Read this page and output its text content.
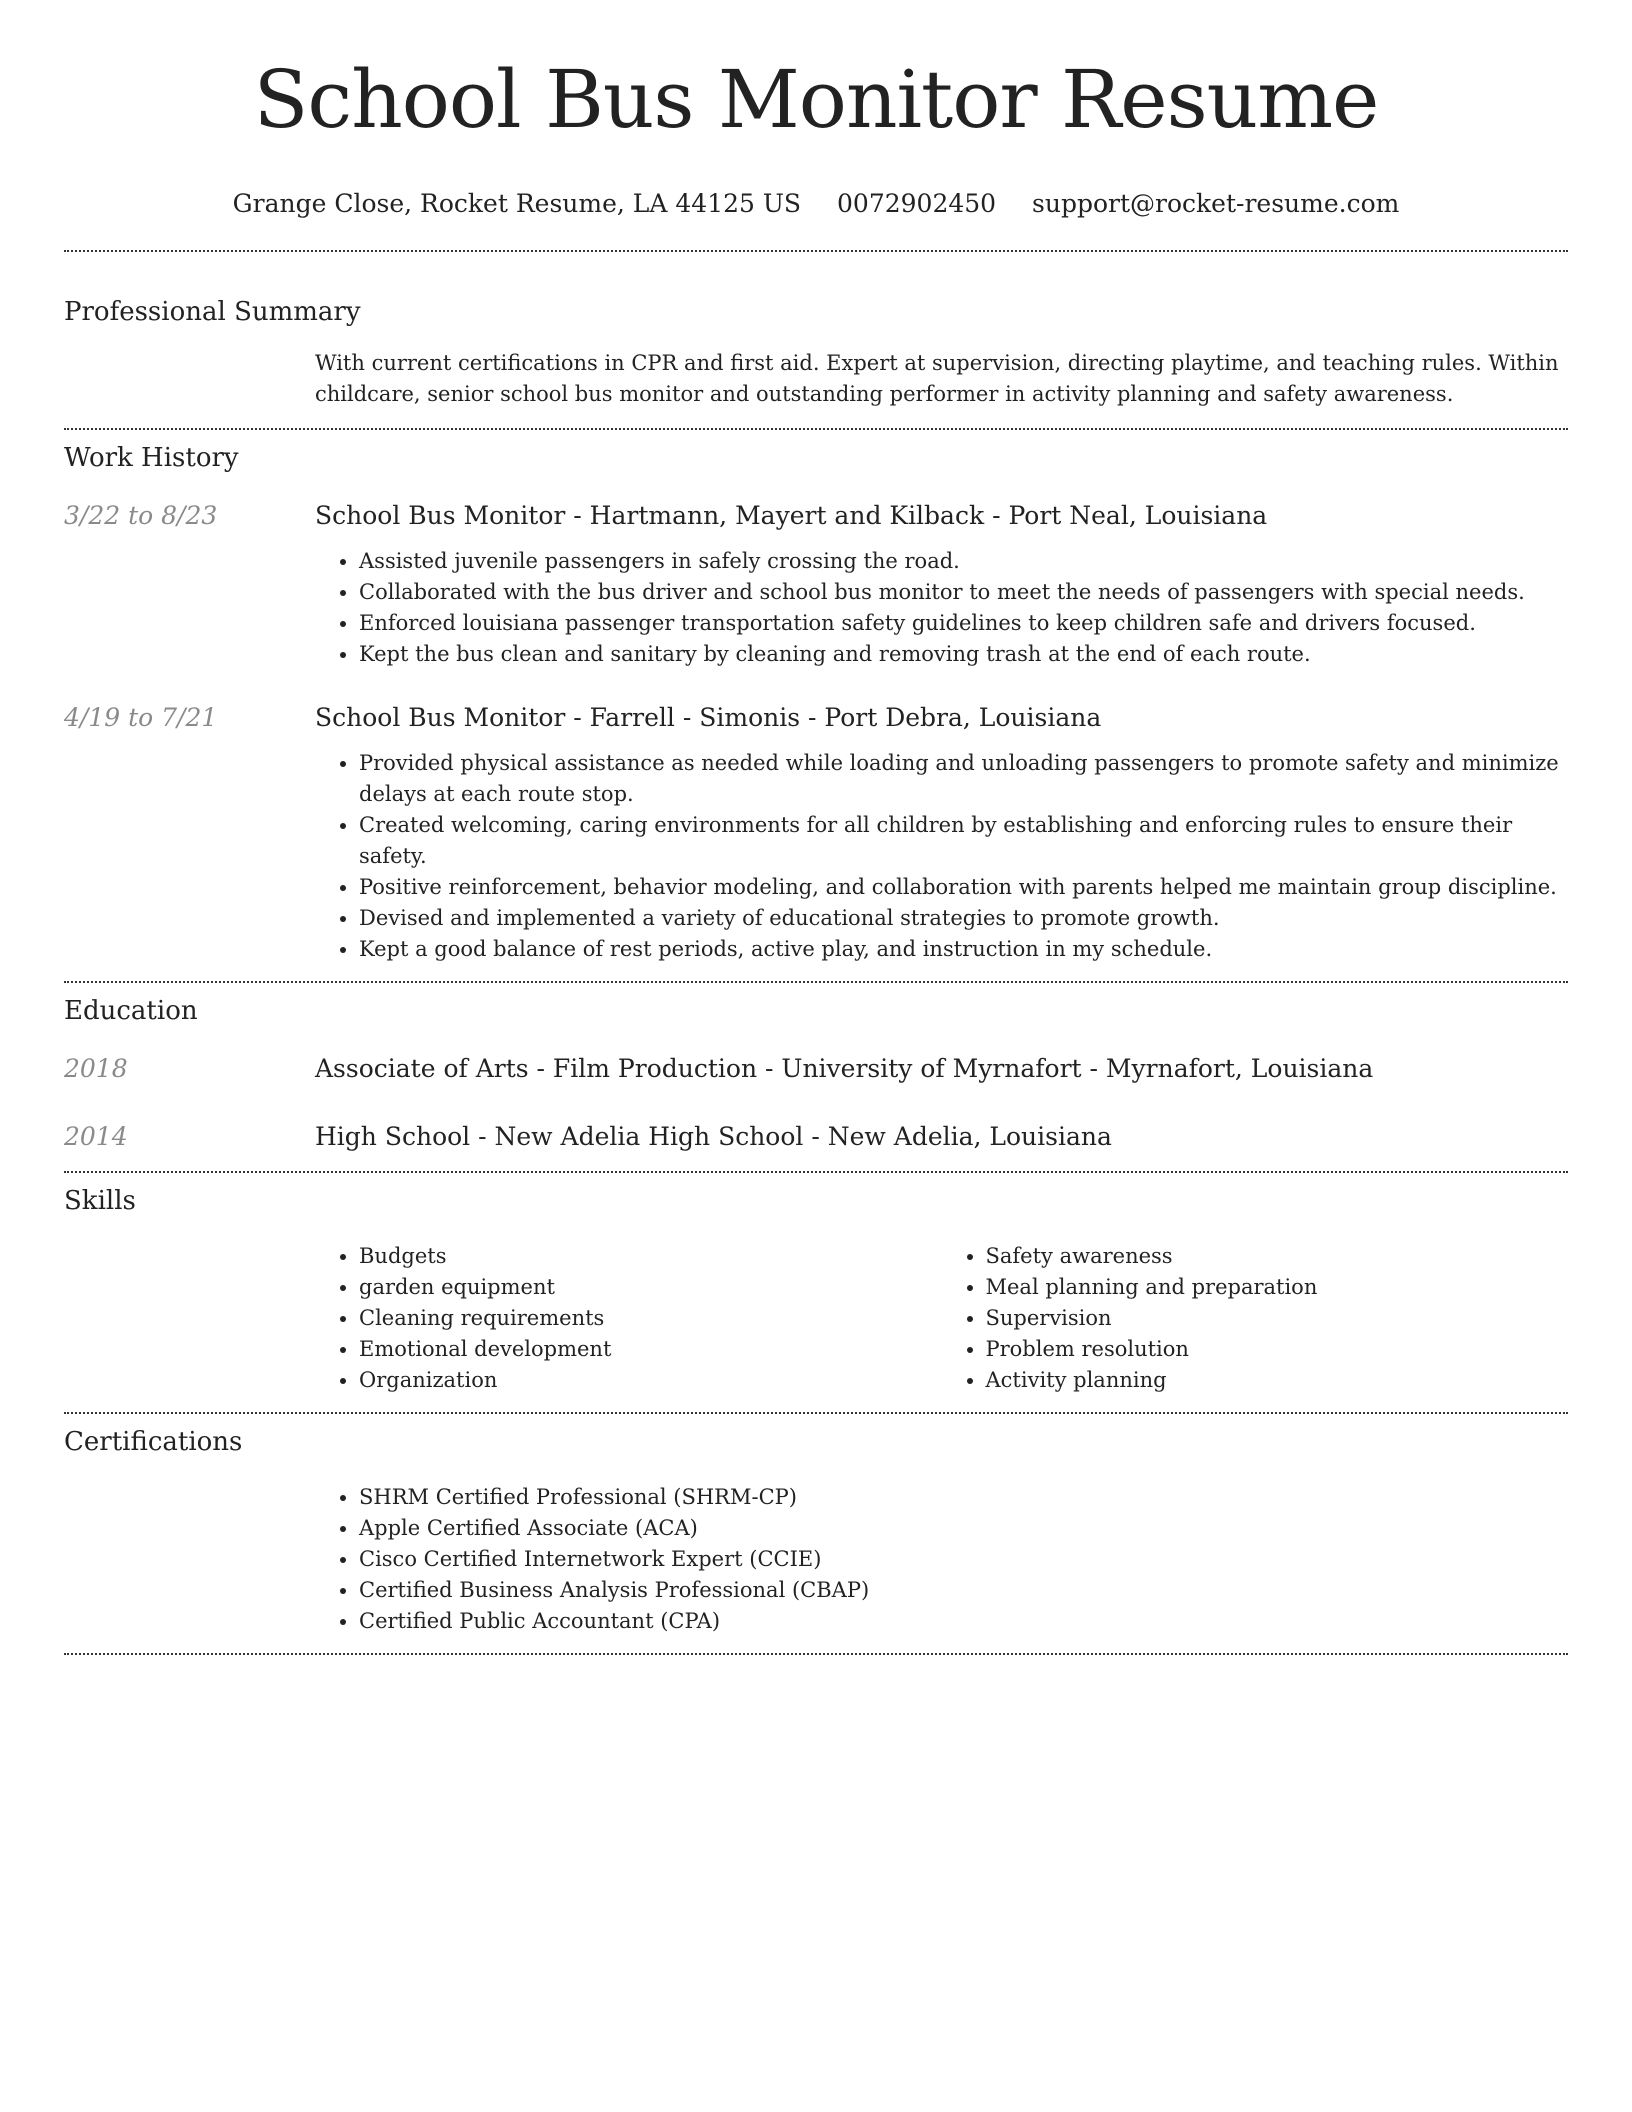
School Bus Monitor Resume
Grange Close, Rocket Resume, LA 44125 US 0072902450 support@rocket-resume.com
Professional Summary
With current certifications in CPR and first aid. Expert at supervision, directing playtime, and teaching rules. Within childcare, senior school bus monitor and outstanding performer in activity planning and safety awareness.
Work History
3/22 to 8/23	School Bus Monitor - Hartmann, Mayert and Kilback - Port Neal, Louisiana
• Assisted juvenile passengers in safely crossing the road.
• Collaborated with the bus driver and school bus monitor to meet the needs of passengers with special needs.
• Enforced louisiana passenger transportation safety guidelines to keep children safe and drivers focused.
• Kept the bus clean and sanitary by cleaning and removing trash at the end of each route.
4/19 to 7/21	School Bus Monitor - Farrell - Simonis - Port Debra, Louisiana
• Provided physical assistance as needed while loading and unloading passengers to promote safety and minimize delays at each route stop.
• Created welcoming, caring environments for all children by establishing and enforcing rules to ensure their safety.
• Positive reinforcement, behavior modeling, and collaboration with parents helped me maintain group discipline.
• Devised and implemented a variety of educational strategies to promote growth.
• Kept a good balance of rest periods, active play, and instruction in my schedule.
Education
2018	Associate of Arts - Film Production - University of Myrnafort - Myrnafort, Louisiana
2014	High School - New Adelia High School - New Adelia, Louisiana
Skills
• Budgets
• garden equipment
• Cleaning requirements
• Emotional development
• Organization
• Safety awareness
• Meal planning and preparation
• Supervision
• Problem resolution
• Activity planning
Certifications
• SHRM Certified Professional (SHRM-CP)
• Apple Certified Associate (ACA)
• Cisco Certified Internetwork Expert (CCIE)
• Certified Business Analysis Professional (CBAP)
• Certified Public Accountant (CPA)
